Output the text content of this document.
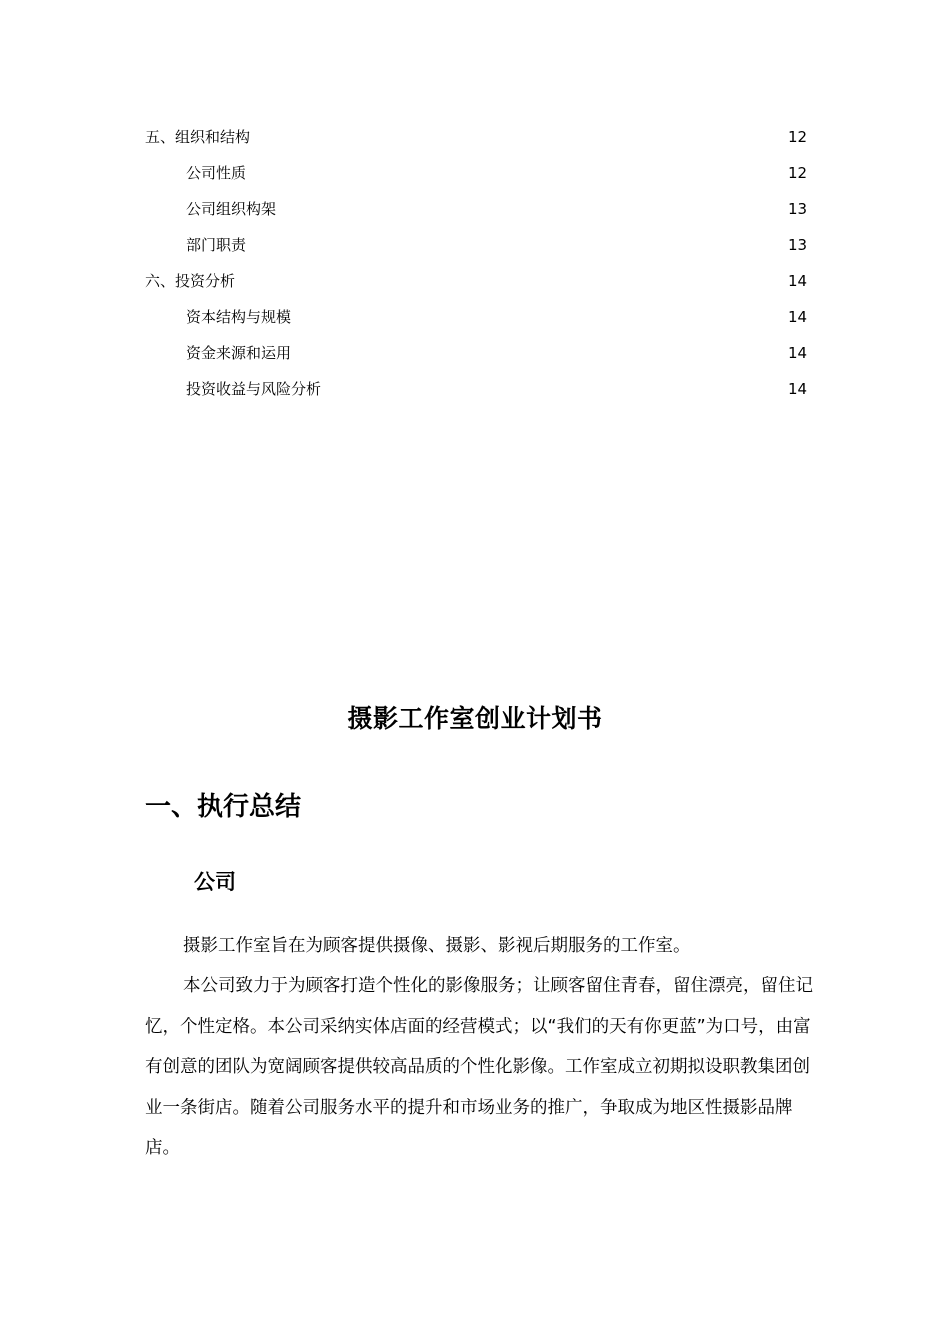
五、组织和结构	12
公司性质	12
公司组织构架	13
部门职责	13
六、投资分析	14
资本结构与规模	14
资金来源和运用	14
投资收益与风险分析	14
摄影工作室创业计划书
一、执行总结
公司
摄影工作室旨在为顾客提供摄像、摄影、影视后期服务的工作室。
本公司致力于为顾客打造个性化的影像服务；让顾客留住青春，留住漂亮，留住记忆，个性定格。本公司采纳实体店面的经营模式；以“我们的天有你更蓝”为口号，由富有创意的团队为宽阔顾客提供较高品质的个性化影像。工作室成立初期拟设职教集团创业一条街店。随着公司服务水平的提升和市场业务的推广，争取成为地区性摄影品牌店。
